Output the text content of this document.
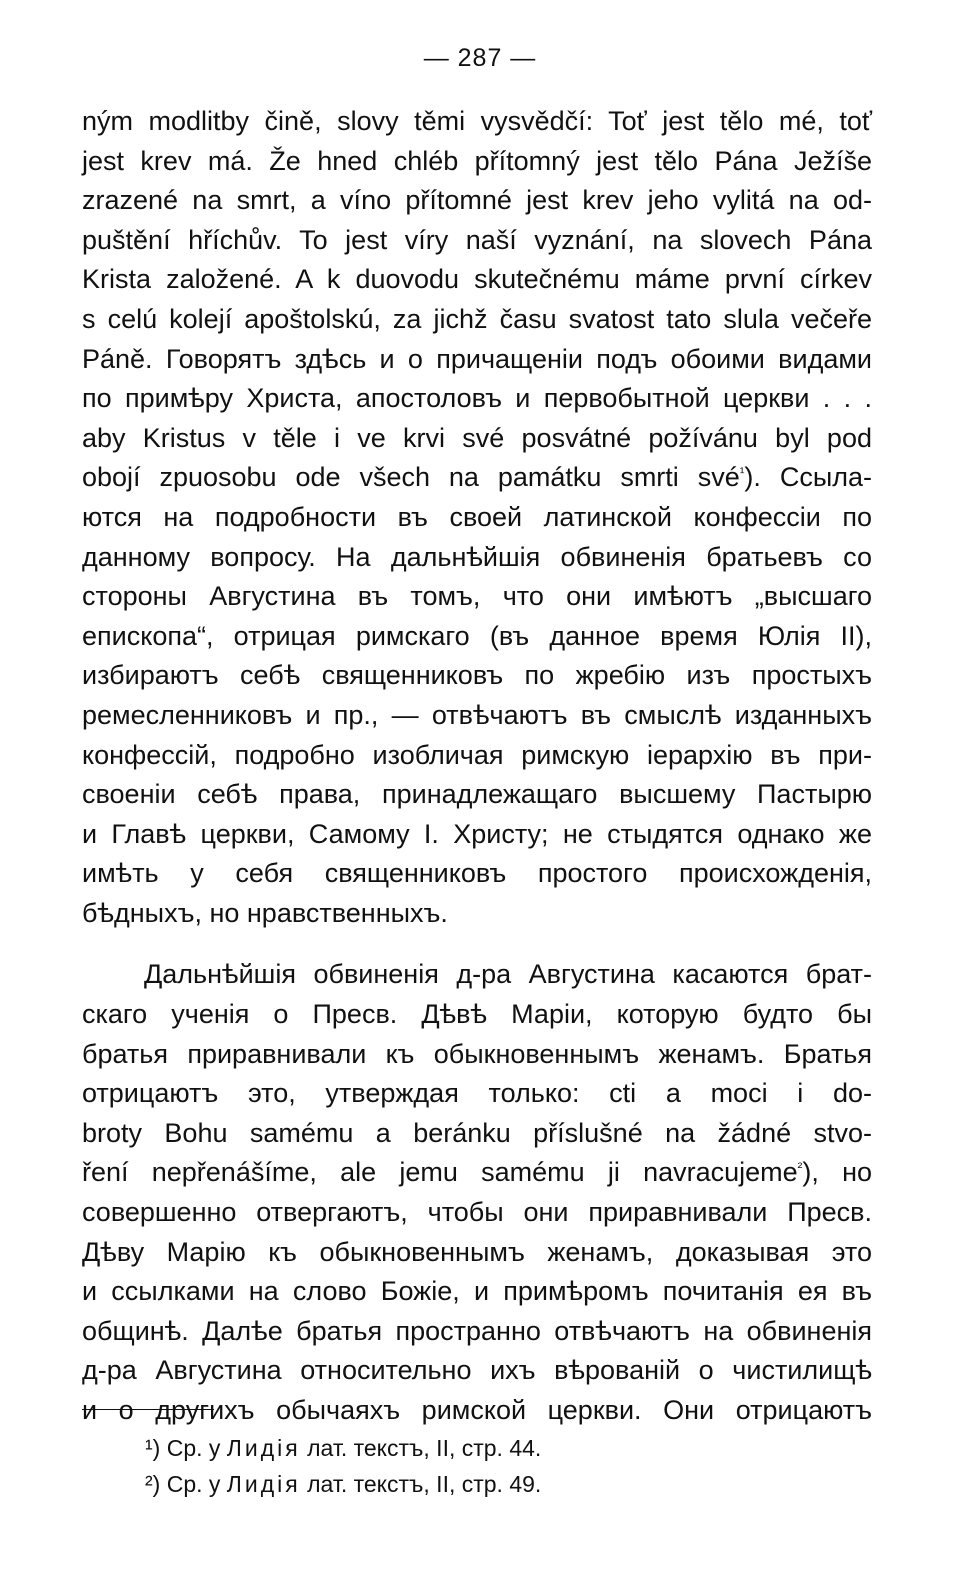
— 287 —
ným modlitby čině, slovy těmi vysvědčí: Toť jest tělo mé, toť
jest krev má. Že hned chléb přítomný jest tělo Pána Ježíše
zrazené na smrt, a víno přítomné jest krev jeho vylitá na od-
puštění hříchův. To jest víry naší vyznání, na slovech Pána
Krista založené. A k duovodu skutečnému máme první církev
s celú kolejí apoštolskú, za jichž času svatost tato slula večeře
Páně. Говорятъ здѣсь и о причащеніи подъ обоими видами
по примѣру Христа, апостоловъ и первобытной церкви . . .
aby Kristus v těle i ve krvi své posvátné požívánu byl pod
obojí zpuosobu ode všech na památku smrti své$^{^1}$). Ссыла-
ются на подробности въ своей латинской конфессіи по
данному вопросу. На дальнѣйшія обвиненія братьевъ со
стороны Августина въ томъ, что они имѣютъ „высшаго
епископа“, отрицая римскаго (въ данное время Юлія II),
избираютъ себѣ священниковъ по жребію изъ простыхъ
ремесленниковъ и пр., — отвѣчаютъ въ смыслѣ изданныхъ
конфессій, подробно изобличая римскую іерархію въ при-
своеніи себѣ права, принадлежащаго высшему Пастырю
и Главѣ церкви, Самому І. Христу; не стыдятся однако же
имѣть у себя священниковъ простого происхожденія,
бѣдныхъ, но нравственныхъ.
Дальнѣйшія обвиненія д-ра Августина касаются брат-
скаго ученія о Пресв. Дѣвѣ Маріи, которую будто бы
братья приравнивали къ обыкновеннымъ женамъ. Братья
отрицаютъ это, утверждая только: cti a moci i do-
broty Bohu samému a beránku příslušné na žádné stvo-
ření nepřenášíme, ale jemu samému ji navracujeme$^{^2}$), но
совершенно отвергаютъ, чтобы они приравнивали Пресв.
Дѣву Марію къ обыкновеннымъ женамъ, доказывая это
и ссылками на слово Божіе, и примѣромъ почитанія ея въ
общинѣ. Далѣе братья пространно отвѣчаютъ на обвиненія
д-ра Августина относительно ихъ вѣрованій о чистилищѣ
и о другихъ обычаяхъ римской церкви. Они отрицаютъ
¹) Ср. у Лидія лат. текстъ, II, стр. 44.
²) Ср. у Лидія лат. текстъ, II, стр. 49.
